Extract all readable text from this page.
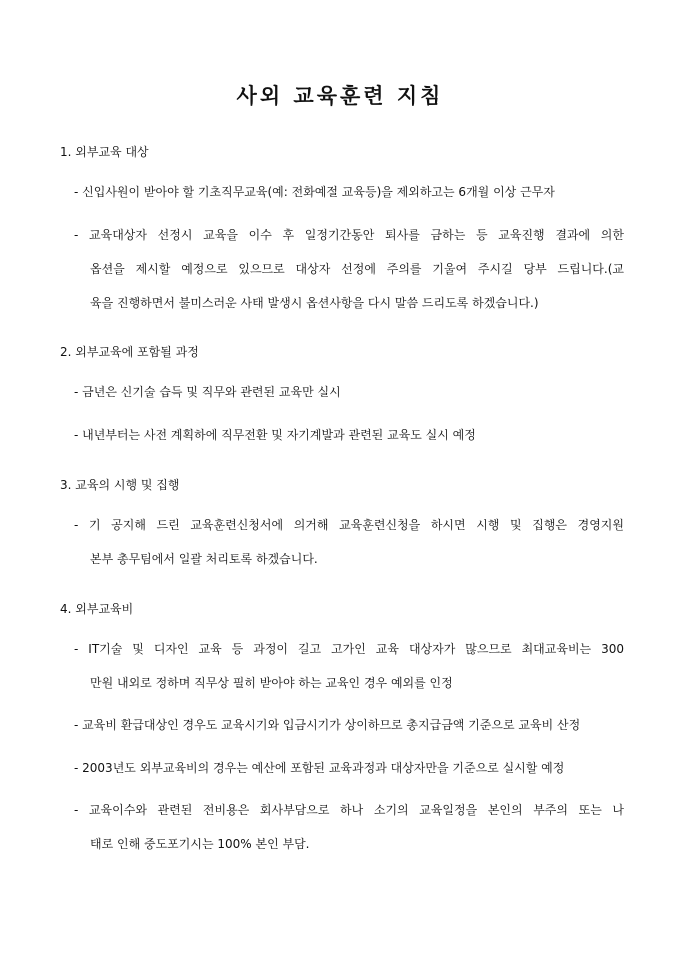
사외 교육훈련 지침
1. 외부교육 대상
- 신입사원이 받아야 할 기초직무교육(예: 전화예절 교육등)을 제외하고는 6개월 이상 근무자
- 교육대상자 선정시 교육을 이수 후 일정기간동안 퇴사를 금하는 등 교육진행 결과에 의한
옵션을 제시할 예정으로 있으므로 대상자 선정에 주의를 기울여 주시길 당부 드립니다.(교
육을 진행하면서 불미스러운 사태 발생시 옵션사항을 다시 말씀 드리도록 하겠습니다.)
2. 외부교육에 포함될 과정
- 금년은 신기술 습득 및 직무와 관련된 교육만 실시
- 내년부터는 사전 계획하에 직무전환 및 자기계발과 관련된 교육도 실시 예정
3. 교육의 시행 및 집행
- 기 공지해 드린 교육훈련신청서에 의거해 교육훈련신청을 하시면 시행 및 집행은 경영지원
본부 총무팀에서 일괄 처리토록 하겠습니다.
4. 외부교육비
- IT기술 및 디자인 교육 등 과정이 길고 고가인 교육 대상자가 많으므로 최대교육비는 300
만원 내외로 정하며 직무상 필히 받아야 하는 교육인 경우 예외를 인정
- 교육비 환급대상인 경우도 교육시기와 입금시기가 상이하므로 총지급금액 기준으로 교육비 산정
- 2003년도 외부교육비의 경우는 예산에 포함된 교육과정과 대상자만을 기준으로 실시할 예정
- 교육이수와 관련된 전비용은 회사부담으로 하나 소기의 교육일정을 본인의 부주의 또는 나
태로 인해 중도포기시는 100% 본인 부담.
